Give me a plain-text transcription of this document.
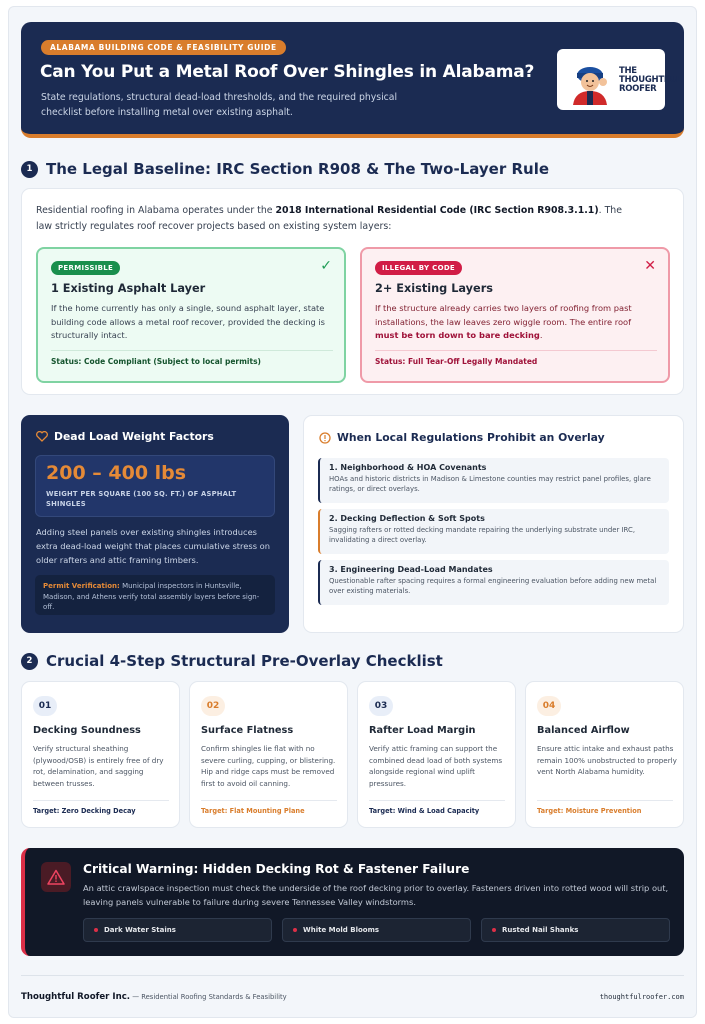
ALABAMA BUILDING CODE & FEASIBILITY GUIDE
Can You Put a Metal Roof Over Shingles in Alabama?
State regulations, structural dead-load thresholds, and the required physical checklist before installing metal over existing asphalt.
THE
THOUGHTFUL
ROOFER
1 The Legal Baseline: IRC Section R908 & The Two-Layer Rule
Residential roofing in Alabama operates under the 2018 International Residential Code (IRC Section R908.3.1.1). The law strictly regulates roof recover projects based on existing system layers:
PERMISSIBLE	✓
1 Existing Asphalt Layer
If the home currently has only a single, sound asphalt layer, state building code allows a metal roof recover, provided the decking is structurally intact.
Status: Code Compliant (Subject to local permits)
ILLEGAL BY CODE	✕
2+ Existing Layers
If the structure already carries two layers of roofing from past installations, the law leaves zero wiggle room. The entire roof must be torn down to bare decking.
Status: Full Tear-Off Legally Mandated
Dead Load Weight Factors
200 – 400 lbs
WEIGHT PER SQUARE (100 SQ. FT.) OF ASPHALT SHINGLES
Adding steel panels over existing shingles introduces extra dead-load weight that places cumulative stress on older rafters and attic framing timbers.
Permit Verification: Municipal inspectors in Huntsville, Madison, and Athens verify total assembly layers before sign-off.
When Local Regulations Prohibit an Overlay
1. Neighborhood & HOA Covenants
HOAs and historic districts in Madison & Limestone counties may restrict panel profiles, glare ratings, or direct overlays.
2. Decking Deflection & Soft Spots
Sagging rafters or rotted decking mandate repairing the underlying substrate under IRC, invalidating a direct overlay.
3. Engineering Dead-Load Mandates
Questionable rafter spacing requires a formal engineering evaluation before adding new metal over existing materials.
2 Crucial 4-Step Structural Pre-Overlay Checklist
01
Decking Soundness
Verify structural sheathing (plywood/OSB) is entirely free of dry rot, delamination, and sagging between trusses.
Target: Zero Decking Decay
02
Surface Flatness
Confirm shingles lie flat with no severe curling, cupping, or blistering. Hip and ridge caps must be removed first to avoid oil canning.
Target: Flat Mounting Plane
03
Rafter Load Margin
Verify attic framing can support the combined dead load of both systems alongside regional wind uplift pressures.
Target: Wind & Load Capacity
04
Balanced Airflow
Ensure attic intake and exhaust paths remain 100% unobstructed to properly vent North Alabama humidity.
Target: Moisture Prevention
Critical Warning: Hidden Decking Rot & Fastener Failure
An attic crawlspace inspection must check the underside of the roof decking prior to overlay. Fasteners driven into rotted wood will strip out, leaving panels vulnerable to failure during severe Tennessee Valley windstorms.
Dark Water Stains	White Mold Blooms	Rusted Nail Shanks
Thoughtful Roofer Inc. — Residential Roofing Standards & Feasibility	thoughtfulroofer.com
